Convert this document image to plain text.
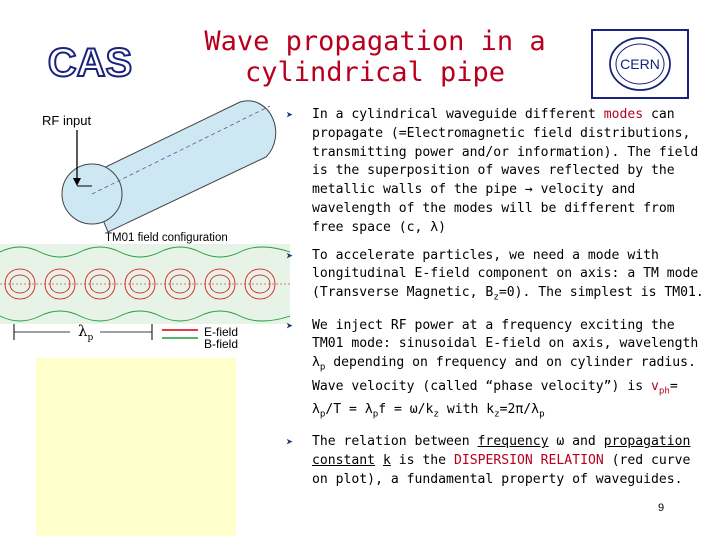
Wave propagation in a cylindrical pipe
CAS	CERN
RF input
TM01 field configuration
$\lambda_p$	E-field
B-field
➤ In a cylindrical waveguide different modes can propagate (=Electromagnetic field distributions, transmitting power and/or information). The field is the superposition of waves reflected by the metallic walls of the pipe → velocity and wavelength of the modes will be different from free space (c, λ)
➤ To accelerate particles, we need a mode with longitudinal E-field component on axis: a TM mode (Transverse Magnetic, $B_z=0$). The simplest is TM01.
➤ We inject RF power at a frequency exciting the TM01 mode: sinusoidal E-field on axis, wavelength $\lambda_p$ depending on frequency and on cylinder radius. Wave velocity (called “phase velocity”) is $v_{ph}= \lambda_p/T = \lambda_pf = \omega/k_z$ with $k_z=2\pi/\lambda_p$
➤ The relation between frequency ω and propagation constant k is the DISPERSION RELATION (red curve on plot), a fundamental property of waveguides.
9
